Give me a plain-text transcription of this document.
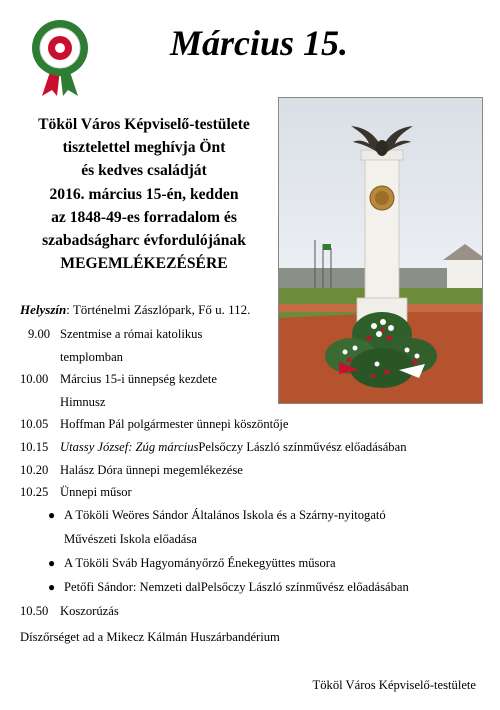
Március 15.
Tököl Város Képviselő-testülete
tisztelettel meghívja Önt
és kedves családját
2016. március 15-én, kedden
az 1848-49-es forradalom és
szabadságharc évfordulójának
MEGEMLÉKEZÉSÉRE
Helyszín: Történelmi Zászlópark, Fő u. 112.
9.00 Szentmise a római katolikus
templomban
10.00 Március 15-i ünnepség kezdete
Himnusz
10.05 Hoffman Pál polgármester ünnepi köszöntője
10.15 Utassy József: Zúg március Pelsőczy László színművész előadásában
10.20 Halász Dóra ünnepi megemlékezése
10.25 Ünnepi műsor
● A Tököli Weöres Sándor Általános Iskola és a Szárny-nyitogató
Művészeti Iskola előadása
● A Tököli Sváb Hagyományőrző Énekegyüttes műsora
● Petőfi Sándor: Nemzeti dal Pelsőczy László színművész előadásában
10.50 Koszorúzás
Díszőrséget ad a Mikecz Kálmán Huszárbandérium
Tököl Város Képviselő-testülete
